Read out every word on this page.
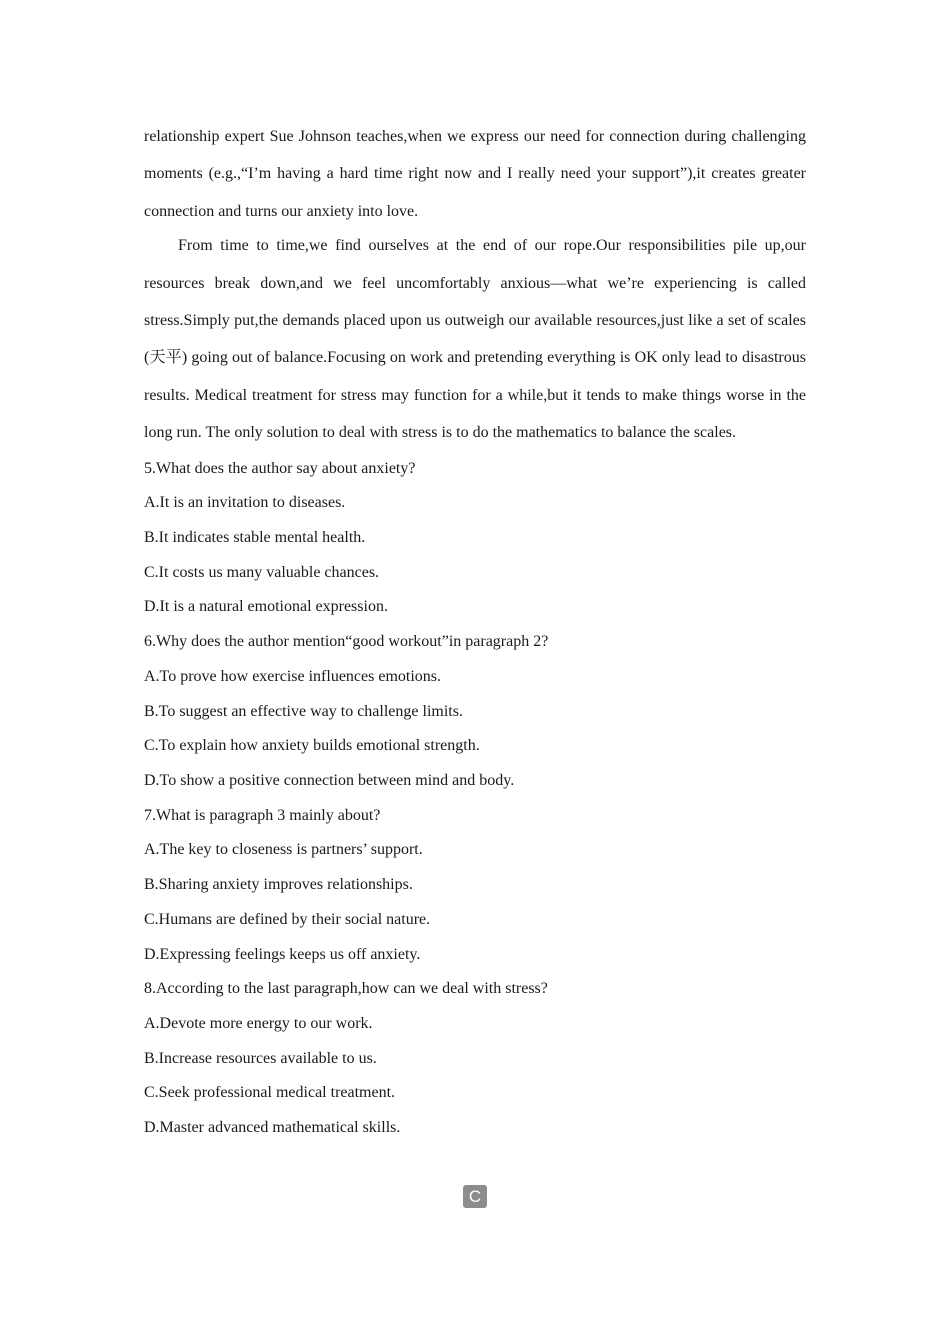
relationship expert Sue Johnson teaches,when we express our need for connection during challenging moments (e.g.,“I’m having a hard time right now and I really need your support”),it creates greater connection and turns our anxiety into love.

From time to time,we find ourselves at the end of our rope.Our responsibilities pile up,our resources break down,and we feel uncomfortably anxious—what we’re experiencing is called stress.Simply put,the demands placed upon us outweigh our available resources,just like a set of scales (天平) going out of balance.Focusing on work and pretending everything is OK only lead to disastrous results. Medical treatment for stress may function for a while,but it tends to make things worse in the long run. The only solution to deal with stress is to do the mathematics to balance the scales.

5.What does the author say about anxiety?

A.It is an invitation to diseases.

B.It indicates stable mental health.

C.It costs us many valuable chances.

D.It is a natural emotional expression.

6.Why does the author mention“good workout”in paragraph 2?

A.To prove how exercise influences emotions.

B.To suggest an effective way to challenge limits.

C.To explain how anxiety builds emotional strength.

D.To show a positive connection between mind and body.

7.What is paragraph 3 mainly about?

A.The key to closeness is partners’ support.

B.Sharing anxiety improves relationships.

C.Humans are defined by their social nature.

D.Expressing feelings keeps us off anxiety.

8.According to the last paragraph,how can we deal with stress?

A.Devote more energy to our work.

B.Increase resources available to us.

C.Seek professional medical treatment.

D.Master advanced mathematical skills.

C
